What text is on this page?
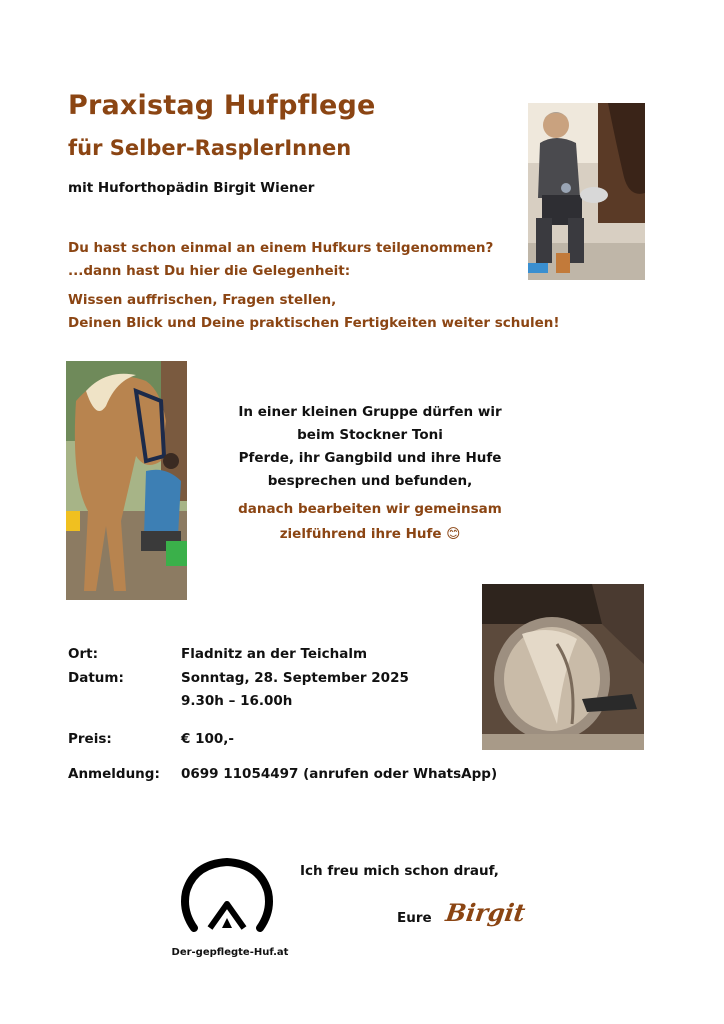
Praxistag Hufpflege
für Selber-RasplerInnen
mit Huforthopädin Birgit Wiener
Du hast schon einmal an einem Hufkurs teilgenommen?
...dann hast Du hier die Gelegenheit:
Wissen auffrischen, Fragen stellen,
Deinen Blick und Deine praktischen Fertigkeiten weiter schulen!
In einer kleinen Gruppe dürfen wir
beim Stockner Toni
Pferde, ihr Gangbild und ihre Hufe
besprechen und befunden,
danach bearbeiten wir gemeinsam
zielführend ihre Hufe 😊
Ort:	Fladnitz an der Teichalm
Datum:	Sonntag, 28. September 2025
9.30h – 16.00h
Preis:	€ 100,-
Anmeldung: 0699 11054497 (anrufen oder WhatsApp)
Der-gepflegte-Huf.at
Ich freu mich schon drauf,
Eure Birgit
